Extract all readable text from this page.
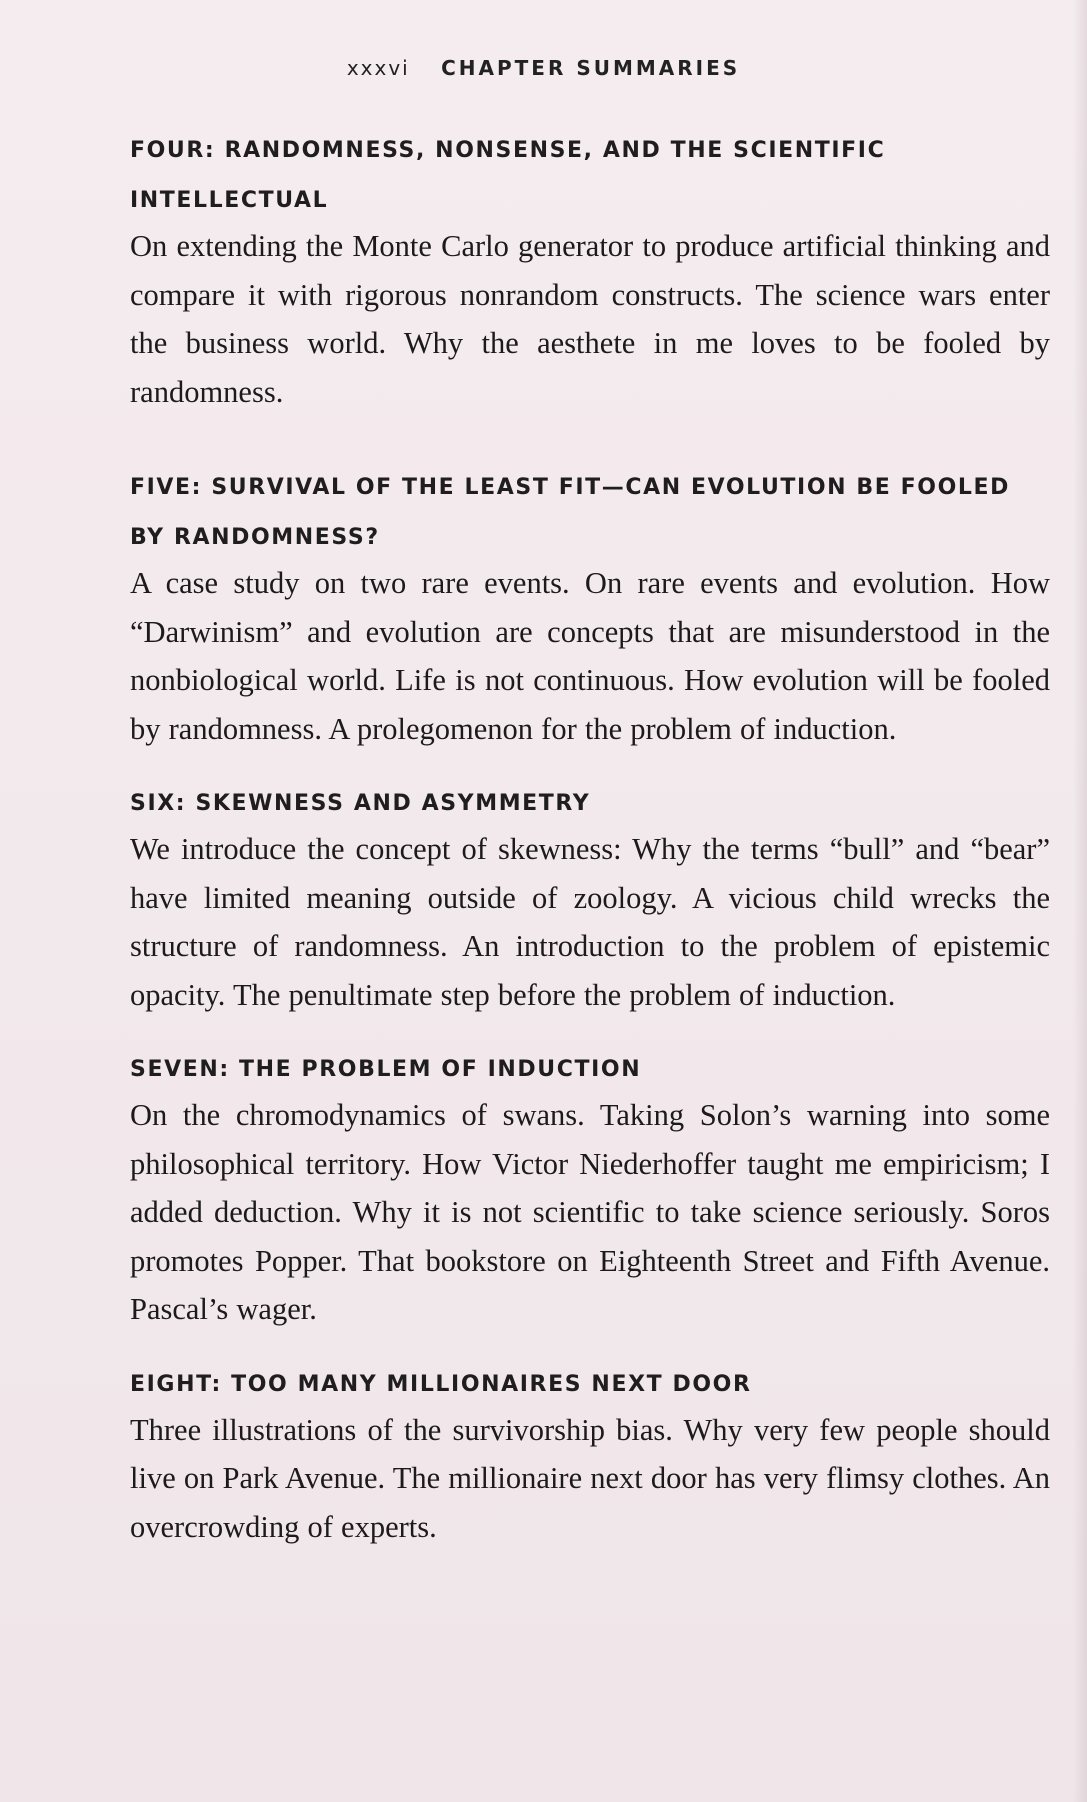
xxxvi CHAPTER SUMMARIES
FOUR: RANDOMNESS, NONSENSE, AND THE SCIENTIFIC
INTELLECTUAL

On extending the Monte Carlo generator to produce artificial thinking and compare it with rigorous nonrandom constructs. The science wars enter the business world. Why the aesthete in me loves to be fooled by randomness.

FIVE: SURVIVAL OF THE LEAST FIT—CAN EVOLUTION BE FOOLED
BY RANDOMNESS?

A case study on two rare events. On rare events and evolution. How “Darwinism” and evolution are concepts that are misunderstood in the nonbiological world. Life is not continuous. How evolution will be fooled by randomness. A prolegomenon for the problem of induction.

SIX: SKEWNESS AND ASYMMETRY

We introduce the concept of skewness: Why the terms “bull” and “bear” have limited meaning outside of zoology. A vicious child wrecks the structure of randomness. An introduction to the problem of epistemic opacity. The penultimate step before the problem of induction.

SEVEN: THE PROBLEM OF INDUCTION

On the chromodynamics of swans. Taking Solon’s warning into some philosophical territory. How Victor Niederhoffer taught me empiricism; I added deduction. Why it is not scientific to take science seriously. Soros promotes Popper. That bookstore on Eighteenth Street and Fifth Avenue. Pascal’s wager.

EIGHT: TOO MANY MILLIONAIRES NEXT DOOR

Three illustrations of the survivorship bias. Why very few people should live on Park Avenue. The millionaire next door has very flimsy clothes. An overcrowding of experts.
